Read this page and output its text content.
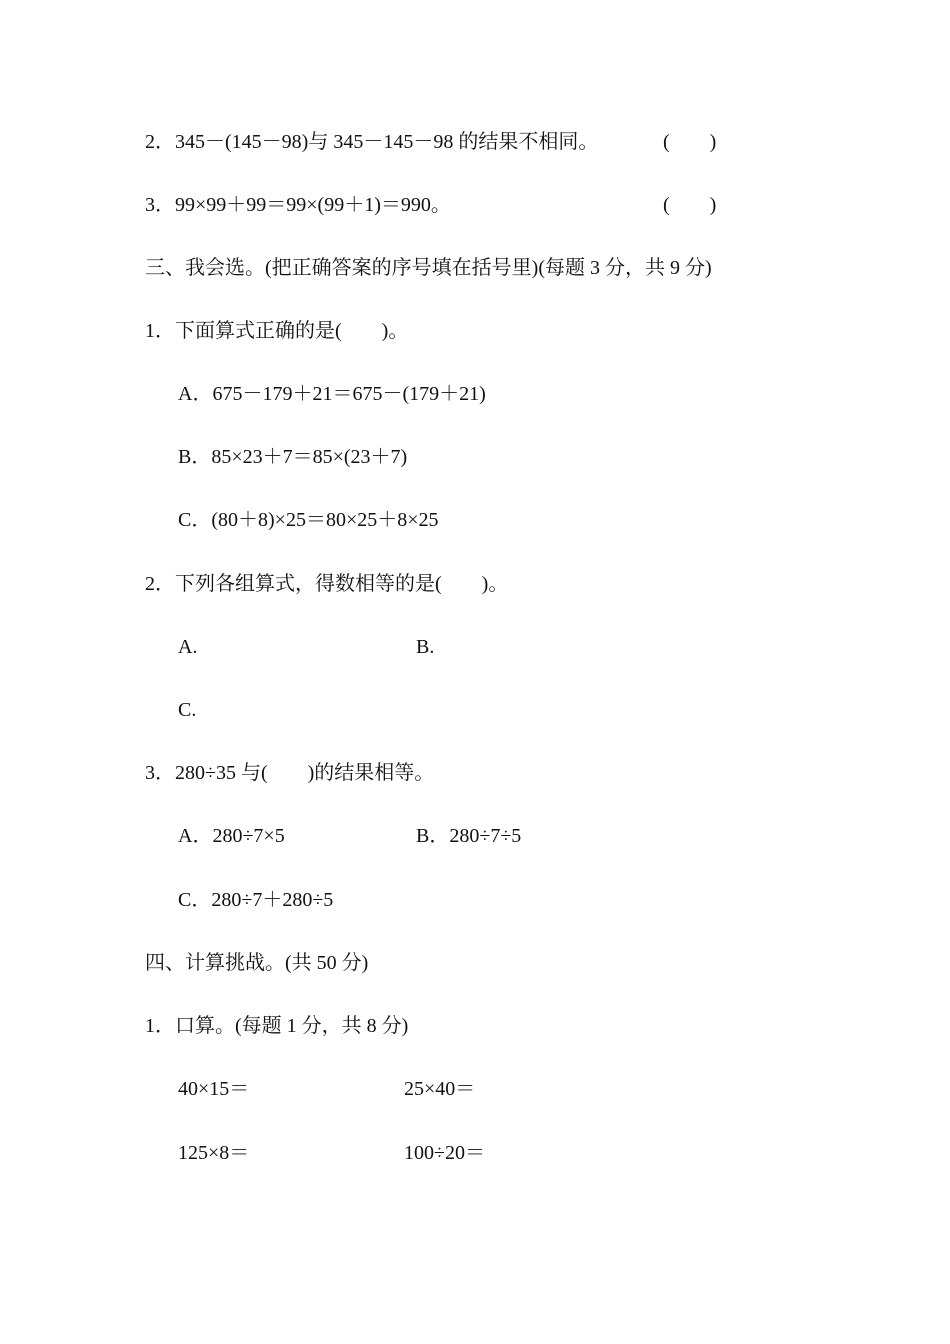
2．345－(145－98)与 345－145－98 的结果不相同。	(　　)
3．99×99＋99＝99×(99＋1)＝990。	(　　)
三、我会选。(把正确答案的序号填在括号里)(每题 3 分，共 9 分)
1．下面算式正确的是(　　)。
A．675－179＋21＝675－(179＋21)
B．85×23＋7＝85×(23＋7)
C．(80＋8)×25＝80×25＋8×25
2．下列各组算式，得数相等的是(　　)。
A.	B.
C.
3．280÷35 与(　　)的结果相等。
A．280÷7×5	B．280÷7÷5
C．280÷7＋280÷5
四、计算挑战。(共 50 分)
1．口算。(每题 1 分，共 8 分)
40×15＝	25×40＝
125×8＝	100÷20＝
